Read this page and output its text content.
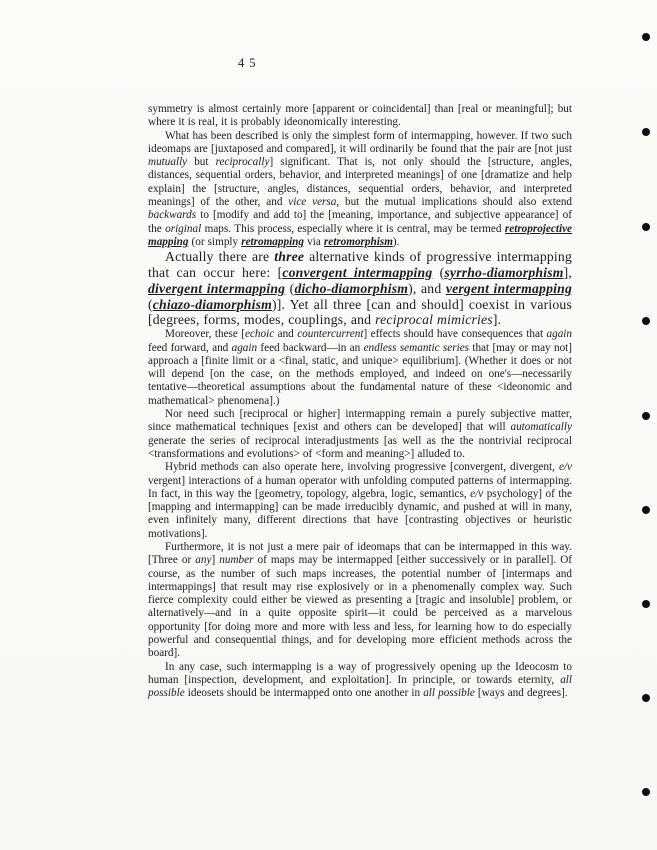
45

symmetry is almost certainly more [apparent or coincidental] than [real or meaningful]; but where it is real, it is probably ideonomically interesting.

What has been described is only the simplest form of intermapping, however. If two such ideomaps are [juxtaposed and compared], it will ordinarily be found that the pair are [not just mutually but reciprocally] significant. That is, not only should the [structure, angles, distances, sequential orders, behavior, and interpreted meanings] of one [dramatize and help explain] the [structure, angles, distances, sequential orders, behavior, and interpreted meanings] of the other, and vice versa, but the mutual implications should also extend backwards to [modify and add to] the [meaning, importance, and subjective appearance] of the original maps. This process, especially where it is central, may be termed retroprojective mapping (or simply retromapping via retromorphism).

Actually there are three alternative kinds of progressive intermapping that can occur here: [convergent intermapping (syrrho-diamorphism], divergent intermapping (dicho-diamorphism), and vergent intermapping (chiazo-diamorphism)]. Yet all three [can and should] coexist in various [degrees, forms, modes, couplings, and reciprocal mimicries].

Moreover, these [echoic and countercurrent] effects should have consequences that again feed forward, and again feed backward—in an endless semantic series that [may or may not] approach a [finite limit or a <final, static, and unique> equilibrium]. (Whether it does or not will depend [on the case, on the methods employed, and indeed on one's—necessarily tentative—theoretical assumptions about the fundamental nature of these <ideonomic and mathematical> phenomena].)

Nor need such [reciprocal or higher] intermapping remain a purely subjective matter, since mathematical techniques [exist and others can be developed] that will automatically generate the series of reciprocal interadjustments [as well as the the nontrivial reciprocal <transformations and evolutions> of <form and meaning>] alluded to.

Hybrid methods can also operate here, involving progressive [convergent, divergent, e/v vergent] interactions of a human operator with unfolding computed patterns of intermapping. In fact, in this way the [geometry, topology, algebra, logic, semantics, e/v psychology] of the [mapping and intermapping] can be made irreducibly dynamic, and pushed at will in many, even infinitely many, different directions that have [contrasting objectives or heuristic motivations].

Furthermore, it is not just a mere pair of ideomaps that can be intermapped in this way. [Three or any] number of maps may be intermapped [either successively or in parallel]. Of course, as the number of such maps increases, the potential number of [intermaps and intermappings] that result may rise explosively or in a phenomenally complex way. Such fierce complexity could either be viewed as presenting a [tragic and insoluble] problem, or alternatively—and in a quite opposite spirit—it could be perceived as a marvelous opportunity [for doing more and more with less and less, for learning how to do especially powerful and consequential things, and for developing more efficient methods across the board].

In any case, such intermapping is a way of progressively opening up the Ideocosm to human [inspection, development, and exploitation]. In principle, or towards eternity, all possible ideosets should be intermapped onto one another in all possible [ways and degrees].
